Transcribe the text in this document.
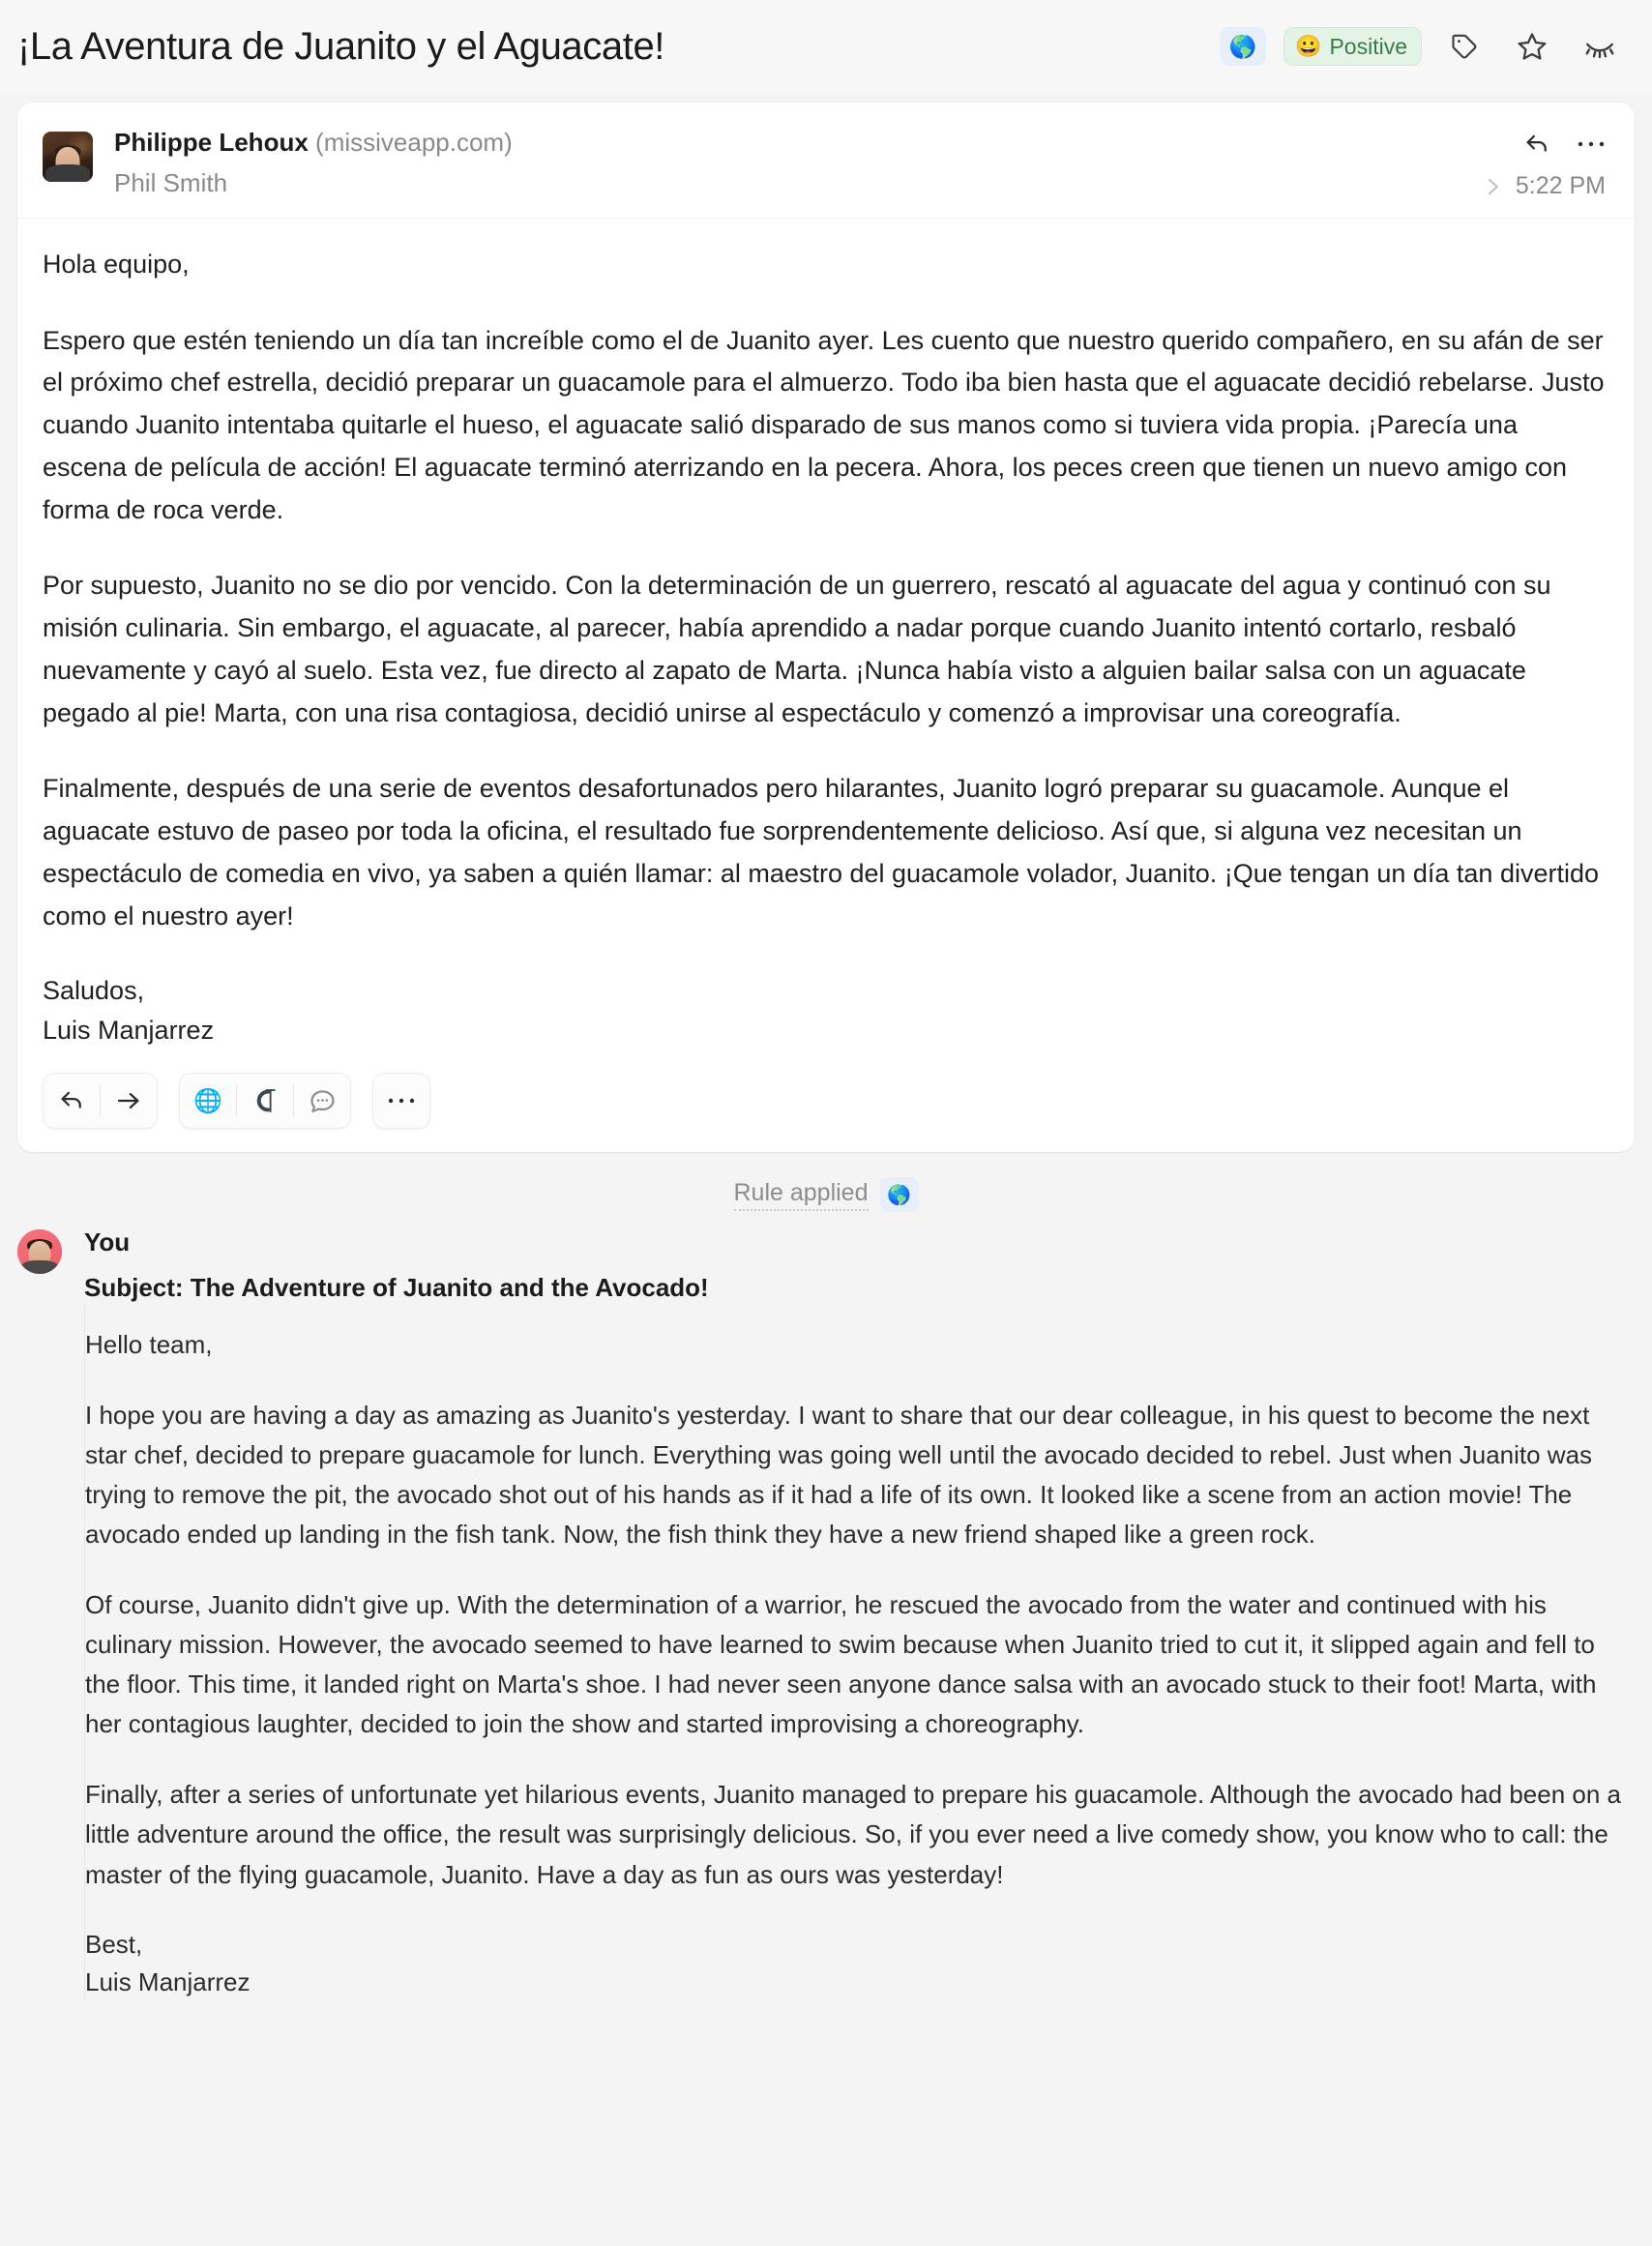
¡La Aventura de Juanito y el Aguacate!	🌎 😀 Positive
Philippe Lehoux (missiveapp.com)
Phil Smith	5:22 PM

Hola equipo,

Espero que estén teniendo un día tan increíble como el de Juanito ayer. Les cuento que nuestro querido compañero, en su afán de ser el próximo chef estrella, decidió preparar un guacamole para el almuerzo. Todo iba bien hasta que el aguacate decidió rebelarse. Justo cuando Juanito intentaba quitarle el hueso, el aguacate salió disparado de sus manos como si tuviera vida propia. ¡Parecía una escena de película de acción! El aguacate terminó aterrizando en la pecera. Ahora, los peces creen que tienen un nuevo amigo con forma de roca verde.

Por supuesto, Juanito no se dio por vencido. Con la determinación de un guerrero, rescató al aguacate del agua y continuó con su misión culinaria. Sin embargo, el aguacate, al parecer, había aprendido a nadar porque cuando Juanito intentó cortarlo, resbaló nuevamente y cayó al suelo. Esta vez, fue directo al zapato de Marta. ¡Nunca había visto a alguien bailar salsa con un aguacate pegado al pie! Marta, con una risa contagiosa, decidió unirse al espectáculo y comenzó a improvisar una coreografía.

Finalmente, después de una serie de eventos desafortunados pero hilarantes, Juanito logró preparar su guacamole. Aunque el aguacate estuvo de paseo por toda la oficina, el resultado fue sorprendentemente delicioso. Así que, si alguna vez necesitan un espectáculo de comedia en vivo, ya saben a quién llamar: al maestro del guacamole volador, Juanito. ¡Que tengan un día tan divertido como el nuestro ayer!

Saludos,
Luis Manjarrez
🌐
Rule applied 🌎
You
Subject: The Adventure of Juanito and the Avocado!

Hello team,

I hope you are having a day as amazing as Juanito's yesterday. I want to share that our dear colleague, in his quest to become the next star chef, decided to prepare guacamole for lunch. Everything was going well until the avocado decided to rebel. Just when Juanito was trying to remove the pit, the avocado shot out of his hands as if it had a life of its own. It looked like a scene from an action movie! The avocado ended up landing in the fish tank. Now, the fish think they have a new friend shaped like a green rock.

Of course, Juanito didn't give up. With the determination of a warrior, he rescued the avocado from the water and continued with his culinary mission. However, the avocado seemed to have learned to swim because when Juanito tried to cut it, it slipped again and fell to the floor. This time, it landed right on Marta's shoe. I had never seen anyone dance salsa with an avocado stuck to their foot! Marta, with her contagious laughter, decided to join the show and started improvising a choreography.

Finally, after a series of unfortunate yet hilarious events, Juanito managed to prepare his guacamole. Although the avocado had been on a little adventure around the office, the result was surprisingly delicious. So, if you ever need a live comedy show, you know who to call: the master of the flying guacamole, Juanito. Have a day as fun as ours was yesterday!

Best,
Luis Manjarrez
